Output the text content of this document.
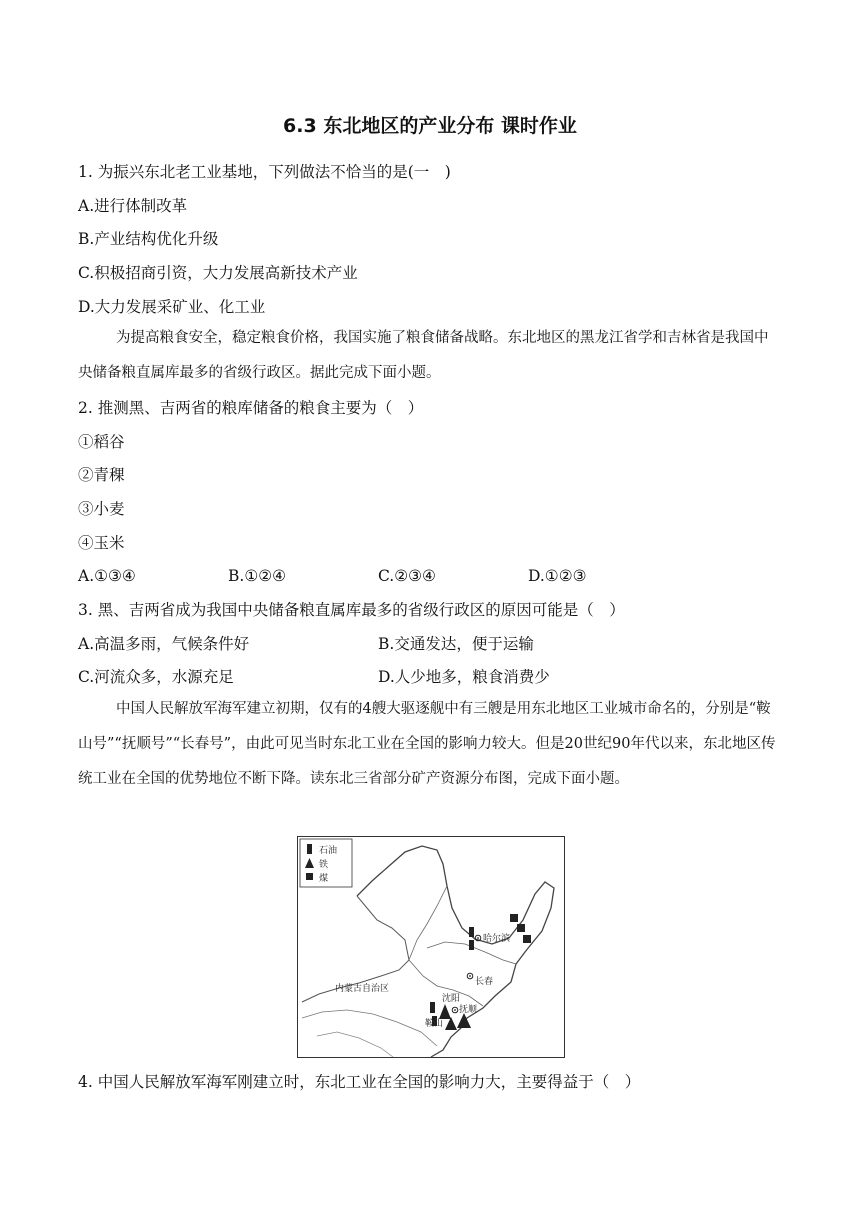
6.3 东北地区的产业分布 课时作业
1. 为振兴东北老工业基地，下列做法不恰当的是(一　)
A.进行体制改革
B.产业结构优化升级
C.积极招商引资，大力发展高新技术产业
D.大力发展采矿业、化工业
为提高粮食安全，稳定粮食价格，我国实施了粮食储备战略。东北地区的黑龙江省学和吉林省是我国中央储备粮直属库最多的省级行政区。据此完成下面小题。
2. 推测黑、吉两省的粮库储备的粮食主要为（　）
①稻谷
②青稞
③小麦
④玉米
A.①③④	B.①②④	C.②③④	D.①②③
3. 黑、吉两省成为我国中央储备粮直属库最多的省级行政区的原因可能是（　）
A.高温多雨，气候条件好	B.交通发达，便于运输
C.河流众多，水源充足	D.人少地多，粮食消费少
中国人民解放军海军建立初期，仅有的4艘大驱逐舰中有三艘是用东北地区工业城市命名的，分别是“鞍山号”“抚顺号”“长春号”，由此可见当时东北工业在全国的影响力较大。但是20世纪90年代以来，东北地区传统工业在全国的优势地位不断下降。读东北三省部分矿产资源分布图，完成下面小题。
石油
铁
煤
哈尔滨
长春
内蒙古自治区
沈阳
抚顺
鞍山
4. 中国人民解放军海军刚建立时，东北工业在全国的影响力大，主要得益于（　）
